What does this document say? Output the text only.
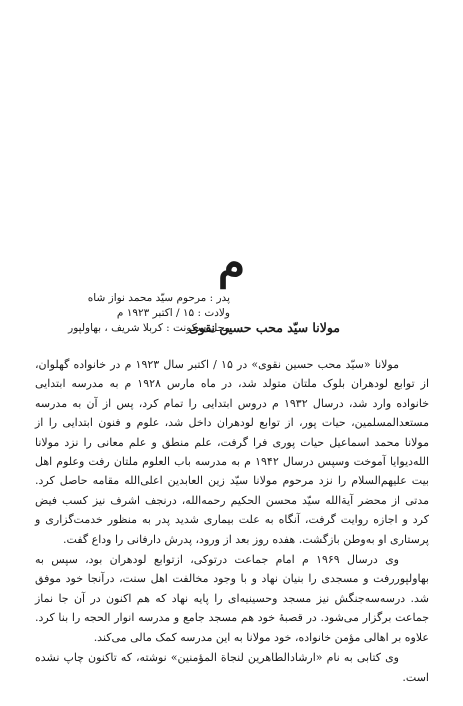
م
پدر : مرحوم سیّد محمد نواز شاه
ولادت : ۱۵ / اکتبر ۱۹۲۳ م
محل سکونت : کربلا شریف ، بهاولپور
مولانا سیّد محب حسین نقوی

مولانا «سیّد محب حسین نقوی» در ۱۵ / اکتبر سال ۱۹۲۳ م در خانواده گهلوان، از توابع لودهران بلوک ملتان متولد شد، در ماه مارس ۱۹۲۸ م به مدرسه ابتدایی خانواده وارد شد، درسال ۱۹۳۲ م دروس ابتدایی را تمام کرد، پس از آن به مدرسه مستعدالمسلمین، حیات پور، از توابع لودهران داخل شد، علوم و فنون ابتدایی را از مولانا محمد اسماعیل حیات پوری فرا گرفت، علم منطق و علم معانی را نزد مولانا الله‌دیوایا آموخت وسپس درسال ۱۹۴۲ م به مدرسه باب العلوم ملتان رفت وعلوم اهل بیت علیهم‌السلام را نزد مرحوم مولانا سیّد زین العابدین اعلی‌الله مقامه حاصل کرد. مدتی از محضر آیة‌الله سیّد محسن الحکیم رحمه‌الله، درنجف اشرف نیز کسب فیض کرد و اجازه روایت گرفت، آنگاه به علت بیماری شدید پدر به منظور خدمت‌گزاری و پرستاری او به‌وطن بازگشت. هفده روز بعد از ورود، پدرش دارفانی را وداع گفت.

وی درسال ۱۹۶۹ م امام جماعت درتوکی، ازتوابع لودهران بود، سپس به بهاولپوررفت و مسجدی را بنیان نهاد و با وجود مخالفت اهل سنت، درآنجا خود موفق شد. درسه‌سه‌جنگش نیز مسجد وحسینیه‌ای را پایه نهاد که هم اکنون در آن جا نماز جماعت برگزار می‌شود. در قصبهٔ خود هم مسجد جامع و مدرسه انوار الحجه را بنا کرد. علاوه بر اهالی مؤمن خانواده، خود مولانا به این مدرسه کمک مالی می‌کند.

وی کتابی به نام «ارشادالطاهرین لنجاة المؤمنین» نوشته، که تاکنون چاپ نشده است.
